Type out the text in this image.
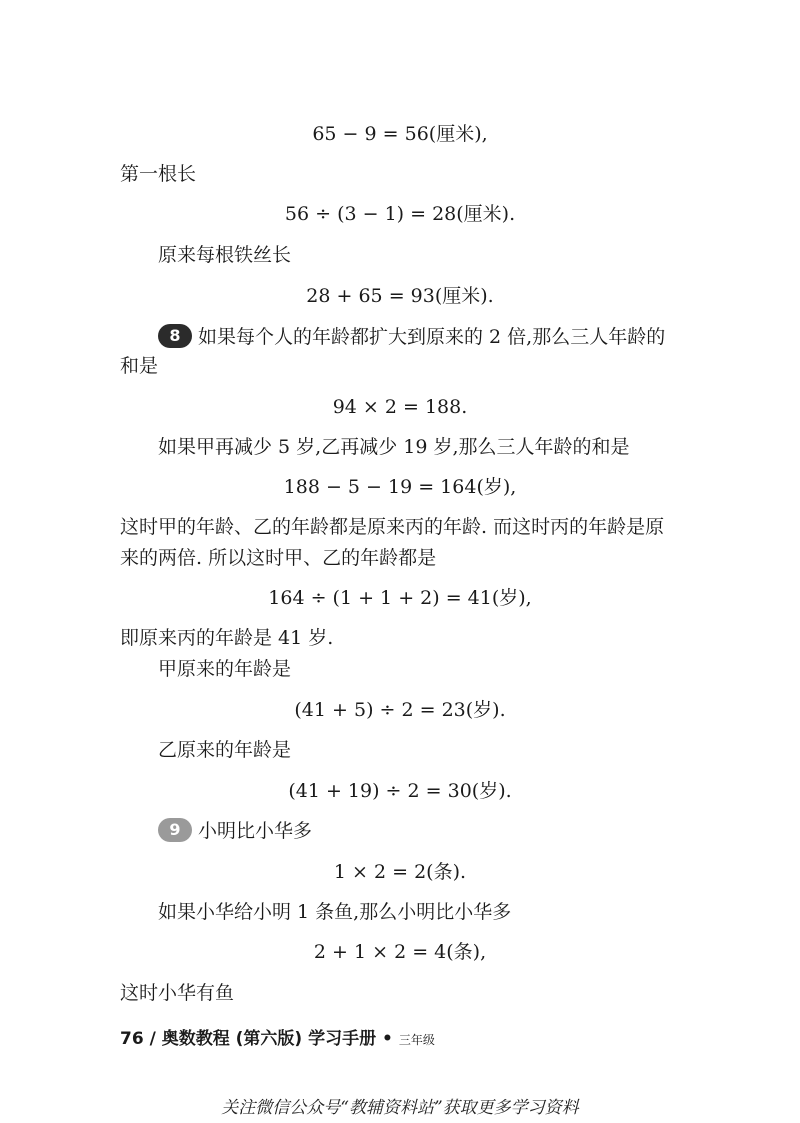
65 − 9 = 56(厘米),
第一根长
56 ÷ (3 − 1) = 28(厘米).
原来每根铁丝长
28 + 65 = 93(厘米).
8 如果每个人的年龄都扩大到原来的 2 倍,那么三人年龄的
和是
94 × 2 = 188.
如果甲再减少 5 岁,乙再减少 19 岁,那么三人年龄的和是
188 − 5 − 19 = 164(岁),
这时甲的年龄、乙的年龄都是原来丙的年龄. 而这时丙的年龄是原
来的两倍. 所以这时甲、乙的年龄都是
164 ÷ (1 + 1 + 2) = 41(岁),
即原来丙的年龄是 41 岁.
甲原来的年龄是
(41 + 5) ÷ 2 = 23(岁).
乙原来的年龄是
(41 + 19) ÷ 2 = 30(岁).
9 小明比小华多
1 × 2 = 2(条).
如果小华给小明 1 条鱼,那么小明比小华多
2 + 1 × 2 = 4(条),
这时小华有鱼
76 / 奥数教程 (第六版) 学习手册 • 三年级
关注微信公众号“教辅资料站”获取更多学习资料
